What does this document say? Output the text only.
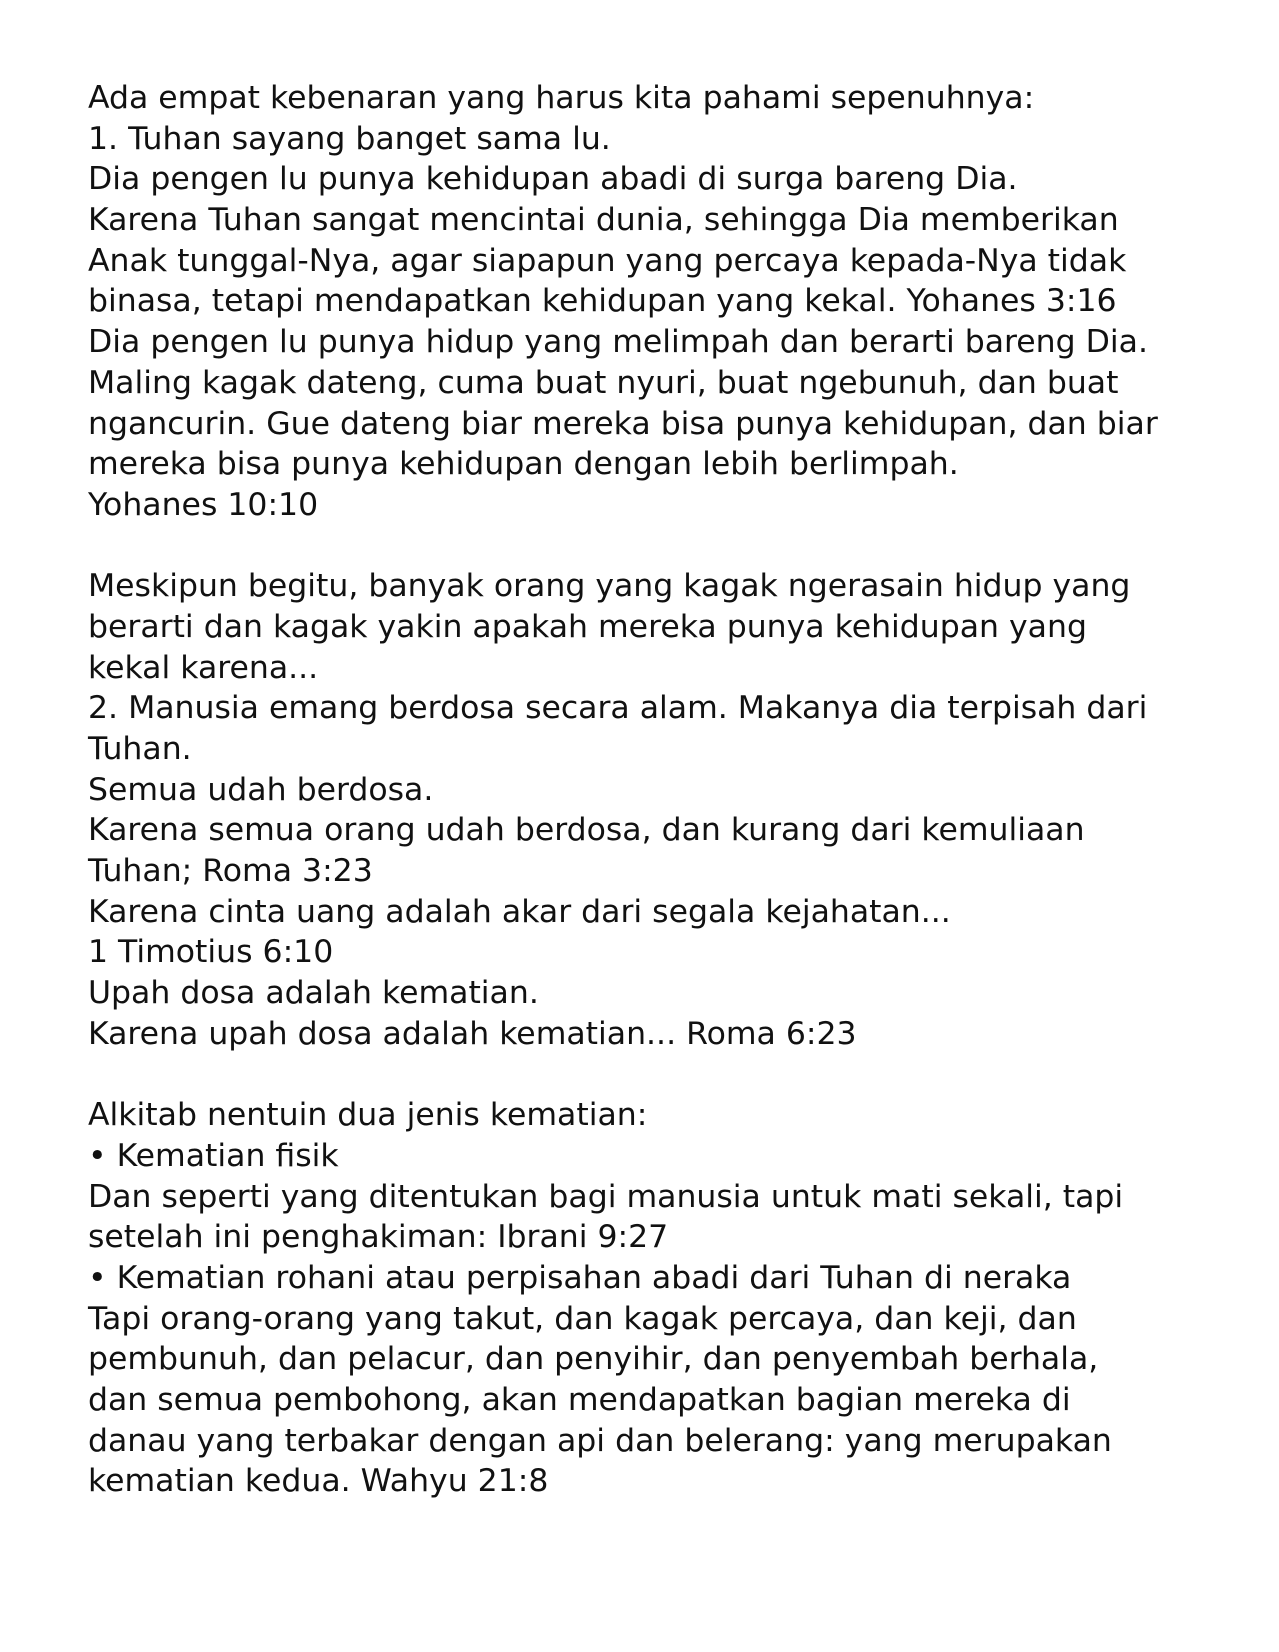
Ada empat kebenaran yang harus kita pahami sepenuhnya:
1. Tuhan sayang banget sama lu.
Dia pengen lu punya kehidupan abadi di surga bareng Dia.
Karena Tuhan sangat mencintai dunia, sehingga Dia memberikan
Anak tunggal-Nya, agar siapapun yang percaya kepada-Nya tidak
binasa, tetapi mendapatkan kehidupan yang kekal. Yohanes 3:16
Dia pengen lu punya hidup yang melimpah dan berarti bareng Dia.
Maling kagak dateng, cuma buat nyuri, buat ngebunuh, dan buat
ngancurin. Gue dateng biar mereka bisa punya kehidupan, dan biar
mereka bisa punya kehidupan dengan lebih berlimpah.
Yohanes 10:10
Meskipun begitu, banyak orang yang kagak ngerasain hidup yang
berarti dan kagak yakin apakah mereka punya kehidupan yang
kekal karena...
2. Manusia emang berdosa secara alam. Makanya dia terpisah dari
Tuhan.
Semua udah berdosa.
Karena semua orang udah berdosa, dan kurang dari kemuliaan
Tuhan; Roma 3:23
Karena cinta uang adalah akar dari segala kejahatan...
1 Timotius 6:10
Upah dosa adalah kematian.
Karena upah dosa adalah kematian... Roma 6:23
Alkitab nentuin dua jenis kematian:
• Kematian fisik
Dan seperti yang ditentukan bagi manusia untuk mati sekali, tapi
setelah ini penghakiman: Ibrani 9:27
• Kematian rohani atau perpisahan abadi dari Tuhan di neraka
Tapi orang-orang yang takut, dan kagak percaya, dan keji, dan
pembunuh, dan pelacur, dan penyihir, dan penyembah berhala,
dan semua pembohong, akan mendapatkan bagian mereka di
danau yang terbakar dengan api dan belerang: yang merupakan
kematian kedua. Wahyu 21:8
